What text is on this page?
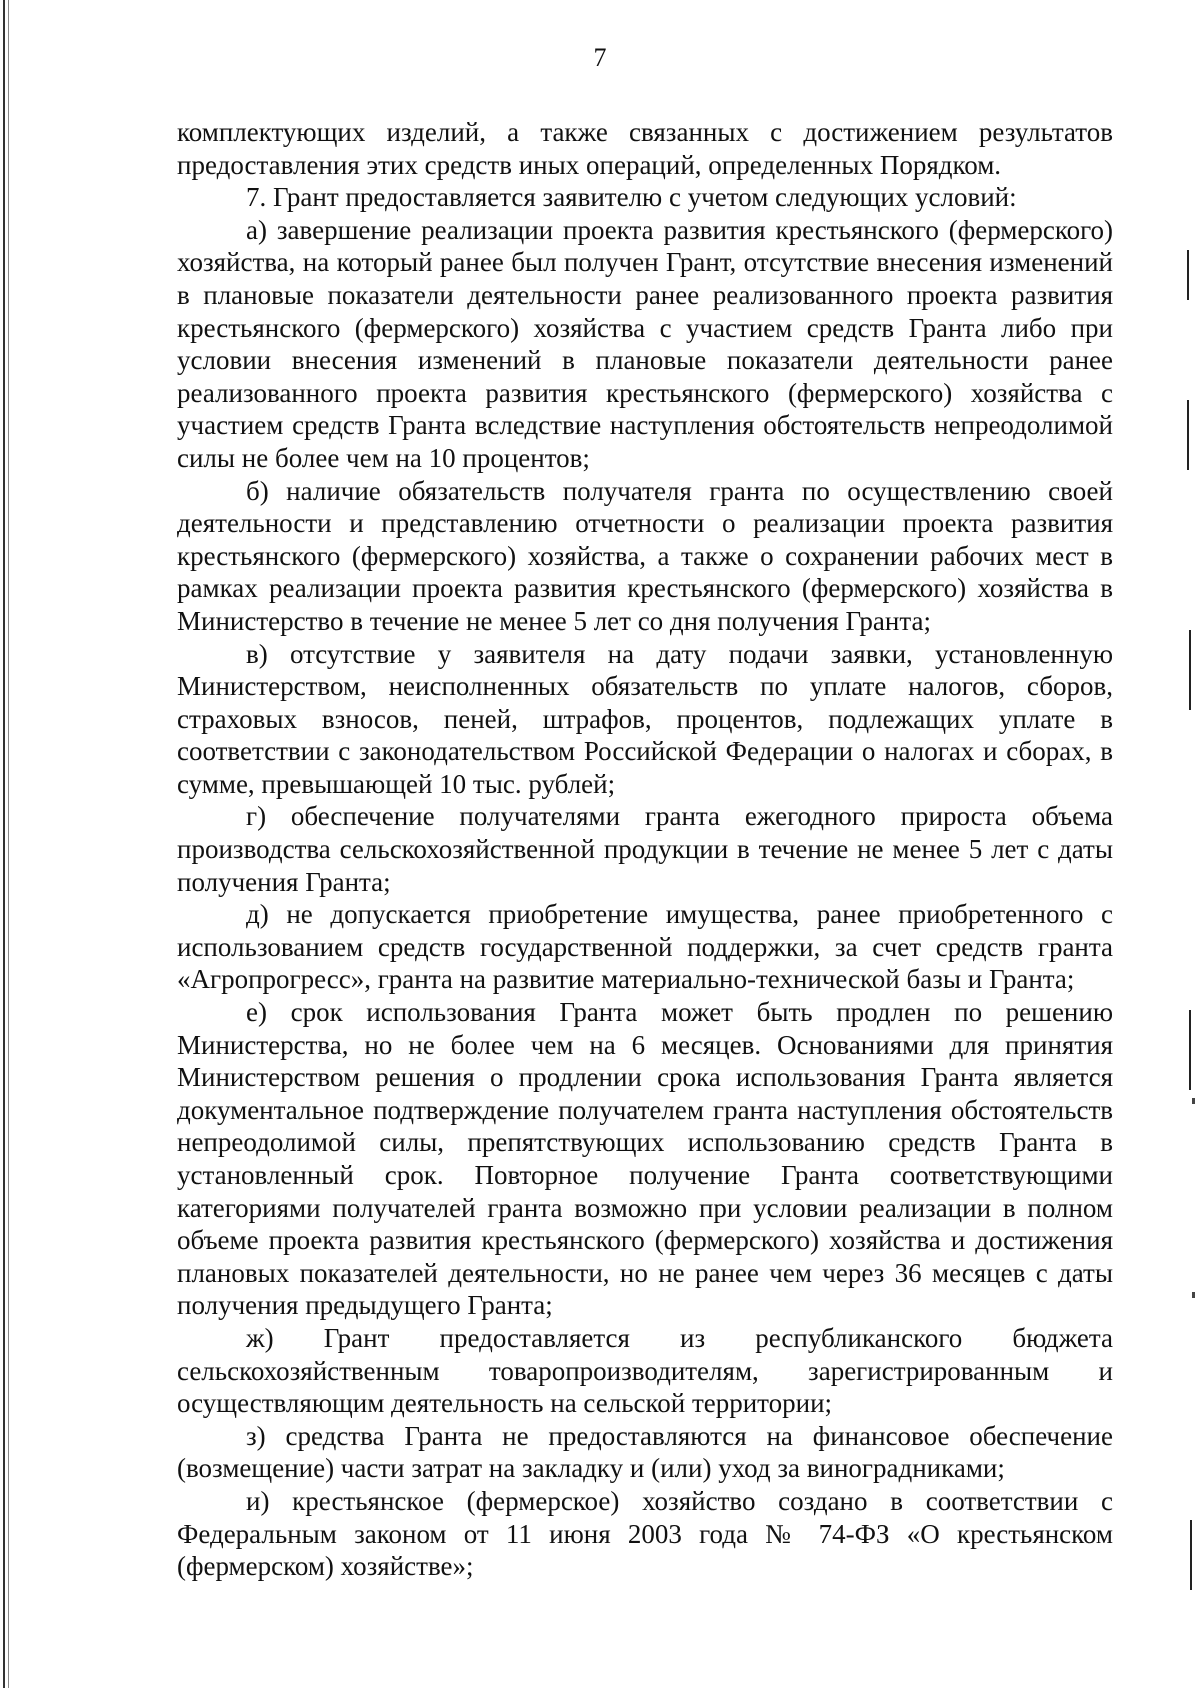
7

комплектующих изделий, а также связанных с достижением результатов предоставления этих средств иных операций, определенных Порядком.

7. Грант предоставляется заявителю с учетом следующих условий:

а) завершение реализации проекта развития крестьянского (фермерского) хозяйства, на который ранее был получен Грант, отсутствие внесения изменений в плановые показатели деятельности ранее реализованного проекта развития крестьянского (фермерского) хозяйства с участием средств Гранта либо при условии внесения изменений в плановые показатели деятельности ранее реализованного проекта развития крестьянского (фермерского) хозяйства с участием средств Гранта вследствие наступления обстоятельств непреодолимой силы не более чем на 10 процентов;

б) наличие обязательств получателя гранта по осуществлению своей деятельности и представлению отчетности о реализации проекта развития крестьянского (фермерского) хозяйства, а также о сохранении рабочих мест в рамках реализации проекта развития крестьянского (фермерского) хозяйства в Министерство в течение не менее 5 лет со дня получения Гранта;

в) отсутствие у заявителя на дату подачи заявки, установленную Министерством, неисполненных обязательств по уплате налогов, сборов, страховых взносов, пеней, штрафов, процентов, подлежащих уплате в соответствии с законодательством Российской Федерации о налогах и сборах, в сумме, превышающей 10 тыс. рублей;

г) обеспечение получателями гранта ежегодного прироста объема производства сельскохозяйственной продукции в течение не менее 5 лет с даты получения Гранта;

д) не допускается приобретение имущества, ранее приобретенного с использованием средств государственной поддержки, за счет средств гранта «Агропрогресс», гранта на развитие материально-технической базы и Гранта;

е) срок использования Гранта может быть продлен по решению Министерства, но не более чем на 6 месяцев. Основаниями для принятия Министерством решения о продлении срока использования Гранта является документальное подтверждение получателем гранта наступления обстоятельств непреодолимой силы, препятствующих использованию средств Гранта в установленный срок. Повторное получение Гранта соответствующими категориями получателей гранта возможно при условии реализации в полном объеме проекта развития крестьянского (фермерского) хозяйства и достижения плановых показателей деятельности, но не ранее чем через 36 месяцев с даты получения предыдущего Гранта;

ж) Грант предоставляется из республиканского бюджета сельскохозяйственным товаропроизводителям, зарегистрированным и осуществляющим деятельность на сельской территории;

з) средства Гранта не предоставляются на финансовое обеспечение (возмещение) части затрат на закладку и (или) уход за виноградниками;

и) крестьянское (фермерское) хозяйство создано в соответствии с Федеральным законом от 11 июня 2003 года № 74-ФЗ «О крестьянском (фермерском) хозяйстве»;
